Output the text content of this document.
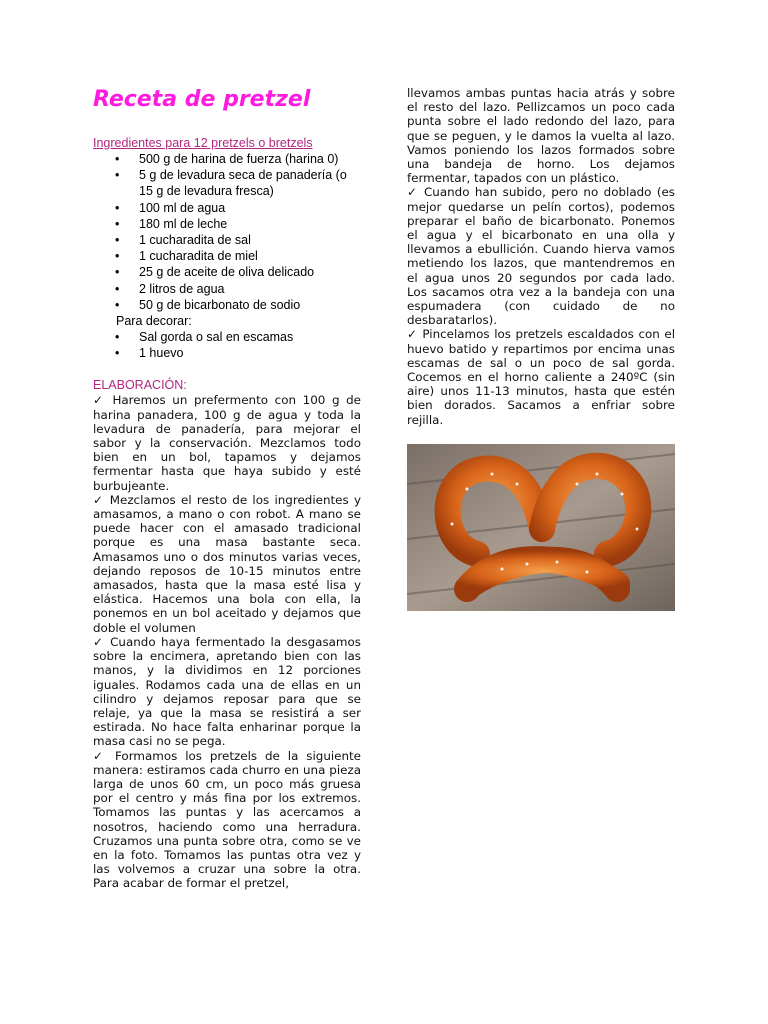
Receta de pretzel
Ingredientes para 12 pretzels o bretzels
• 500 g de harina de fuerza (harina 0)
• 5 g de levadura seca de panadería (o 15 g de levadura fresca)
• 100 ml de agua
• 180 ml de leche
• 1 cucharadita de sal
• 1 cucharadita de miel
• 25 g de aceite de oliva delicado
• 2 litros de agua
• 50 g de bicarbonato de sodio
Para decorar:
• Sal gorda o sal en escamas
• 1 huevo
ELABORACIÓN:

✓ Haremos un prefermento con 100 g de harina panadera, 100 g de agua y toda la levadura de panadería, para mejorar el sabor y la conservación. Mezclamos todo bien en un bol, tapamos y dejamos fermentar hasta que haya subido y esté burbujeante.

✓ Mezclamos el resto de los ingredientes y amasamos, a mano o con robot. A mano se puede hacer con el amasado tradicional porque es una masa bastante seca. Amasamos uno o dos minutos varias veces, dejando reposos de 10-15 minutos entre amasados, hasta que la masa esté lisa y elástica. Hacemos una bola con ella, la ponemos en un bol aceitado y dejamos que doble el volumen

✓ Cuando haya fermentado la desgasamos sobre la encimera, apretando bien con las manos, y la dividimos en 12 porciones iguales. Rodamos cada una de ellas en un cilindro y dejamos reposar para que se relaje, ya que la masa se resistirá a ser estirada. No hace falta enharinar porque la masa casi no se pega.

✓ Formamos los pretzels de la siguiente manera: estiramos cada churro en una pieza larga de unos 60 cm, un poco más gruesa por el centro y más fina por los extremos. Tomamos las puntas y las acercamos a nosotros, haciendo como una herradura. Cruzamos una punta sobre otra, como se ve en la foto. Tomamos las puntas otra vez y las volvemos a cruzar una sobre la otra. Para acabar de formar el pretzel,

llevamos ambas puntas hacia atrás y sobre el resto del lazo. Pellizcamos un poco cada punta sobre el lado redondo del lazo, para que se peguen, y le damos la vuelta al lazo. Vamos poniendo los lazos formados sobre una bandeja de horno. Los dejamos fermentar, tapados con un plástico.

✓ Cuando han subido, pero no doblado (es mejor quedarse un pelín cortos), podemos preparar el baño de bicarbonato. Ponemos el agua y el bicarbonato en una olla y llevamos a ebullición. Cuando hierva vamos metiendo los lazos, que mantendremos en el agua unos 20 segundos por cada lado. Los sacamos otra vez a la bandeja con una espumadera (con cuidado de no desbaratarlos).

✓ Pincelamos los pretzels escaldados con el huevo batido y repartimos por encima unas escamas de sal o un poco de sal gorda. Cocemos en el horno caliente a 240ºC (sin aire) unos 11-13 minutos, hasta que estén bien dorados. Sacamos a enfriar sobre rejilla.
